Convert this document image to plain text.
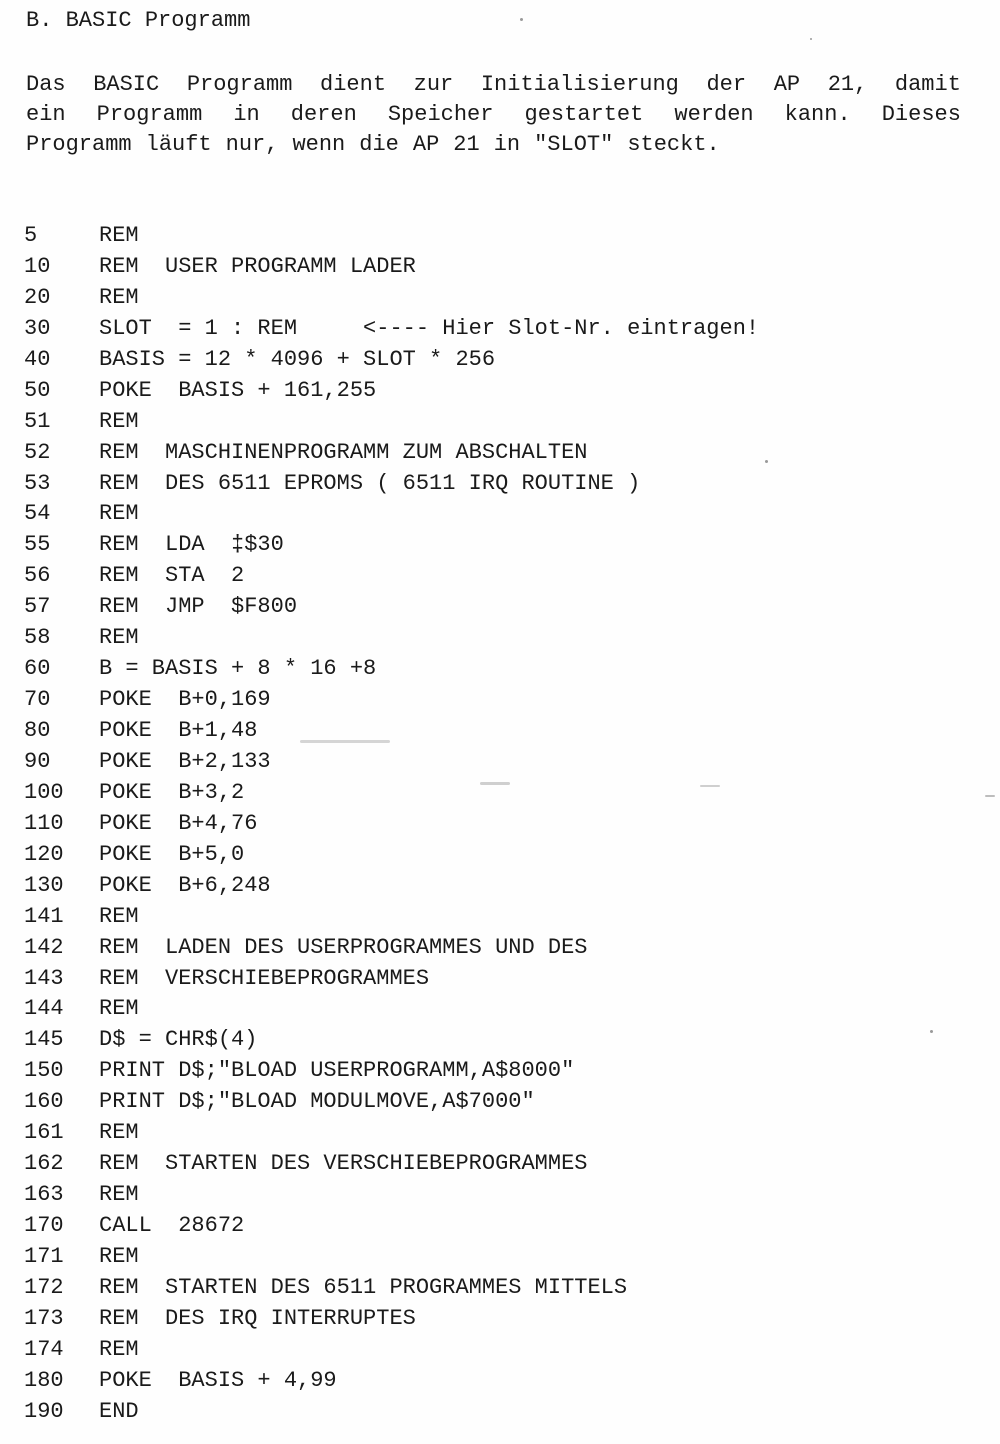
B. BASIC Programm
Das BASIC Programm dient zur Initialisierung der AP 21, damit
ein Programm in deren Speicher gestartet werden kann. Dieses
Programm läuft nur, wenn die AP 21 in "SLOT" steckt.
5	REM
10	REM  USER PROGRAMM LADER
20	REM
30	SLOT  = 1 : REM     <---- Hier Slot-Nr. eintragen!
40	BASIS = 12 * 4096 + SLOT * 256
50	POKE  BASIS + 161,255
51	REM
52	REM  MASCHINENPROGRAMM ZUM ABSCHALTEN
53	REM  DES 6511 EPROMS ( 6511 IRQ ROUTINE )
54	REM
55	REM  LDA  ‡$30
56	REM  STA  2
57	REM  JMP  $F800
58	REM
60	B = BASIS + 8 * 16 +8
70	POKE  B+0,169
80	POKE  B+1,48
90	POKE  B+2,133
100	POKE  B+3,2
110	POKE  B+4,76
120	POKE  B+5,0
130	POKE  B+6,248
141	REM
142	REM  LADEN DES USERPROGRAMMES UND DES
143	REM  VERSCHIEBEPROGRAMMES
144	REM
145	D$ = CHR$(4)
150	PRINT D$;"BLOAD USERPROGRAMM,A$8000"
160	PRINT D$;"BLOAD MODULMOVE,A$7000"
161	REM
162	REM  STARTEN DES VERSCHIEBEPROGRAMMES
163	REM
170	CALL  28672
171	REM
172	REM  STARTEN DES 6511 PROGRAMMES MITTELS
173	REM  DES IRQ INTERRUPTES
174	REM
180	POKE  BASIS + 4,99
190	END
